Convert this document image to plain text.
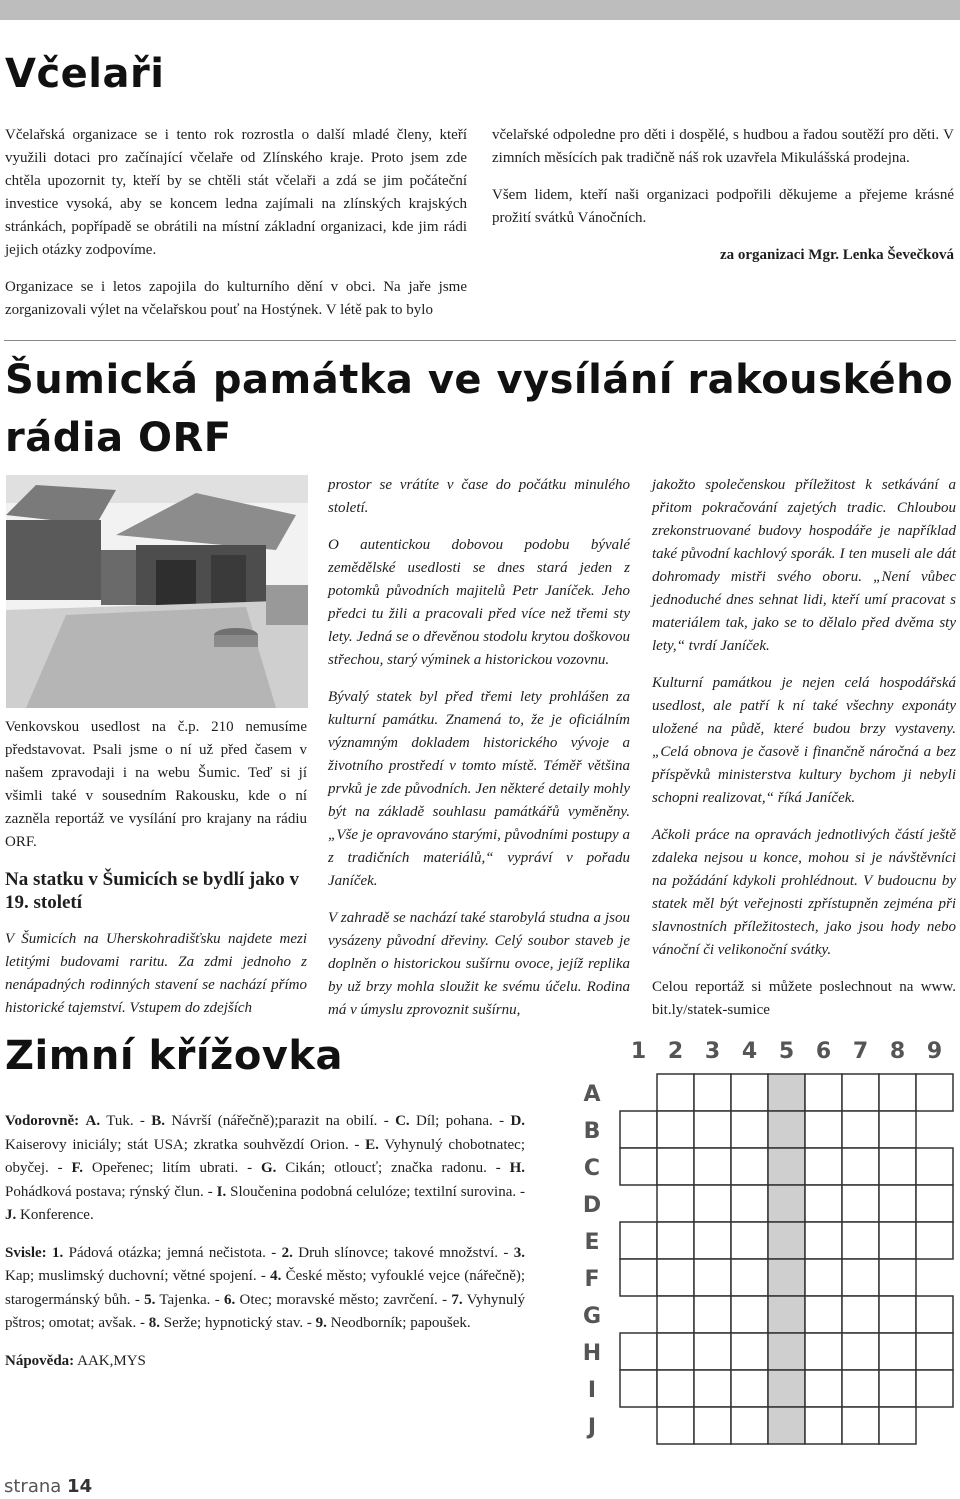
Včelaři

Včelařská organizace se i tento rok rozrostla o další mladé členy, kteří využili dotaci pro začínající včelaře od Zlínského kraje. Proto jsem zde chtěla upozornit ty, kteří by se chtěli stát včelaři a zdá se jim počáteční investice vysoká, aby se koncem ledna zajímali na zlínských krajských stránkách, popřípadě se obrátili na místní základní organizaci, kde jim rádi jejich otázky zodpovíme.

Organizace se i letos zapojila do kulturního dění v obci. Na jaře jsme zorganizovali výlet na včelařskou pouť na Hostýnek. V létě pak to bylo

včelařské odpoledne pro děti i dospělé, s hudbou a řadou soutěží pro děti. V zimních měsících pak tradičně náš rok uzavřela Mikulášská prodejna.

Všem lidem, kteří naši organizaci podpořili děkujeme a přejeme krásné prožití svátků Vánočních.

za organizaci Mgr. Lenka Ševečková

Šumická památka ve vysílání rakouského
rádia ORF

Venkovskou usedlost na č.p. 210 nemusíme představovat. Psali jsme o ní už před časem v našem zpravodaji i na webu Šumic. Teď si jí všimli také v sousedním Rakousku, kde o ní zazněla reportáž ve vysílání pro krajany na rádiu ORF.

Na statku v Šumicích se bydlí jako v 19. století

V Šumicích na Uherskohradišťsku najdete mezi letitými budovami raritu. Za zdmi jednoho z nenápadných rodinných stavení se nachází přímo historické tajemství. Vstupem do zdejších

prostor se vrátíte v čase do počátku minulého století.

O autentickou dobovou podobu bývalé zemědělské usedlosti se dnes stará jeden z potomků původních majitelů Petr Janíček. Jeho předci tu žili a pracovali před více než třemi sty lety. Jedná se o dřevěnou stodolu krytou doškovou střechou, starý výminek a historickou vozovnu.

Bývalý statek byl před třemi lety prohlášen za kulturní památku. Znamená to, že je oficiálním významným dokladem historického vývoje a životního prostředí v tomto místě. Téměř většina prvků je zde původních. Jen některé detaily mohly být na základě souhlasu památkářů vyměněny. „Vše je opravováno starými, původními postupy a z tradičních materiálů,“ vypráví v pořadu Janíček.

V zahradě se nachází také starobylá studna a jsou vysázeny původní dřeviny. Celý soubor staveb je doplněn o historickou sušírnu ovoce, jejíž replika by už brzy mohla sloužit ke svému účelu. Rodina má v úmyslu zprovoznit sušírnu,

jakožto společenskou příležitost k setkávání a přitom pokračování zajetých tradic. Chloubou zrekonstruované budovy hospodáře je například také původní kachlový sporák. I ten museli ale dát dohromady mistři svého oboru. „Není vůbec jednoduché dnes sehnat lidi, kteří umí pracovat s materiálem tak, jako se to dělalo před dvěma sty lety,“ tvrdí Janíček.

Kulturní památkou je nejen celá hospodářská usedlost, ale patří k ní také všechny exponáty uložené na půdě, které budou brzy vystaveny. „Celá obnova je časově i finančně náročná a bez příspěvků ministerstva kultury bychom ji nebyli schopni realizovat,“ říká Janíček.

Ačkoli práce na opravách jednotlivých částí ještě zdaleka nejsou u konce, mohou si je návštěvníci na požádání kdykoli prohlédnout. V budoucnu by statek měl být veřejnosti zpřístupněn zejména při slavnostních příležitostech, jako jsou hody nebo vánoční či velikonoční svátky.

Celou reportáž si můžete poslechnout na www. bit.ly/statek-sumice

Zimní křížovka

Vodorovně: A. Tuk. - B. Návrší (nářečně);parazit na obilí. - C. Díl; pohana. - D. Kaiserovy iniciály; stát USA; zkratka souhvězdí Orion. - E. Vyhynulý chobotnatec; obyčej. - F. Opeřenec; litím ubrati. - G. Cikán; otloucť; značka radonu. - H. Pohádková postava; rýnský člun. - I. Sloučenina podobná celulóze; textilní surovina. - J. Konference.

Svisle: 1. Pádová otázka; jemná nečistota. - 2. Druh slínovce; takové množství. - 3. Kap; muslimský duchovní; větné spojení. - 4. České město; vyfouklé vejce (nářečně); starogermánský bůh. - 5. Tajenka. - 6. Otec; moravské město; zavrčení. - 7. Vyhynulý pštros; omotat; avšak. - 8. Serže; hypnotický stav. - 9. Neodborník; papoušek.

Nápověda: AAK,MYS

1 2 3 4 5 6 7 8 9
A
B
C
D
E
F
G
H
I
J
strana 14
